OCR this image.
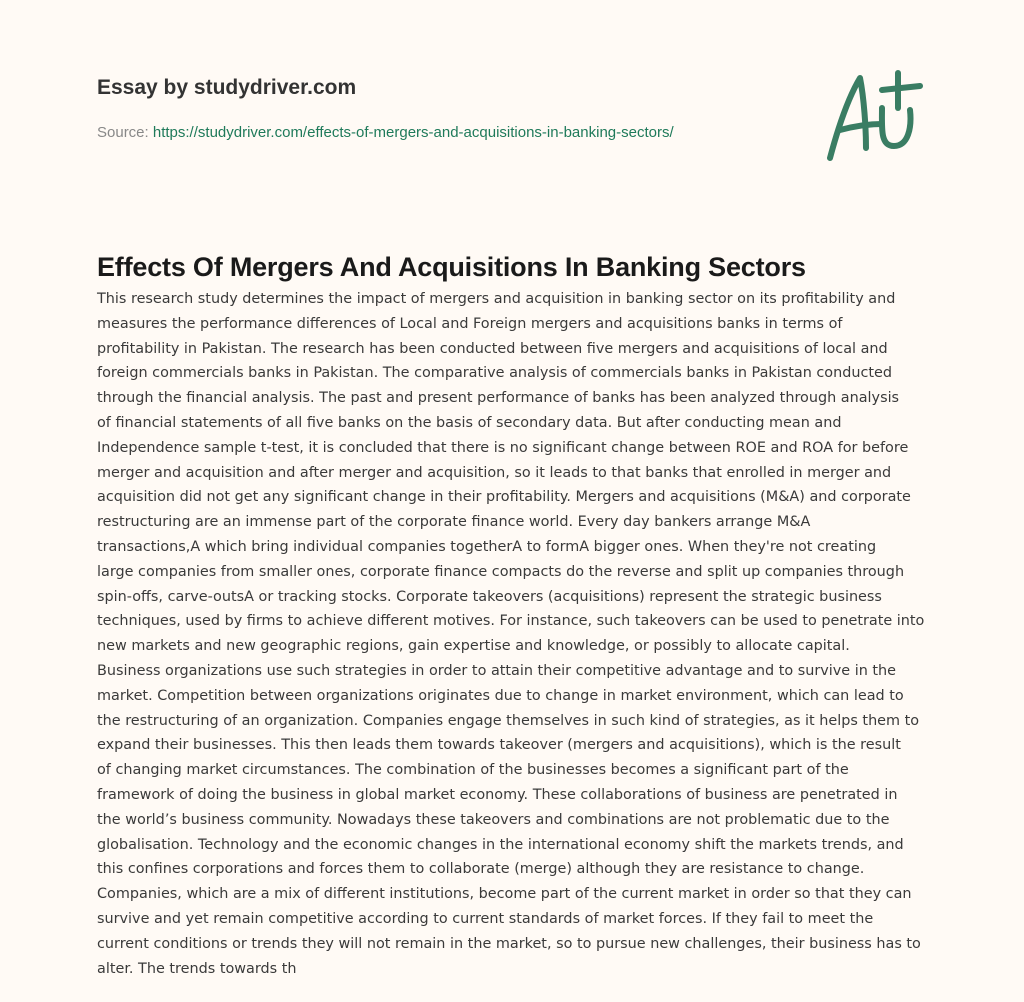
Essay by studydriver.com
Source: https://studydriver.com/effects-of-mergers-and-acquisitions-in-banking-sectors/
Effects Of Mergers And Acquisitions In Banking Sectors
This research study determines the impact of mergers and acquisition in banking sector on its profitability and
measures the performance differences of Local and Foreign mergers and acquisitions banks in terms of
profitability in Pakistan. The research has been conducted between five mergers and acquisitions of local and
foreign commercials banks in Pakistan. The comparative analysis of commercials banks in Pakistan conducted
through the financial analysis. The past and present performance of banks has been analyzed through analysis
of financial statements of all five banks on the basis of secondary data. But after conducting mean and
Independence sample t-test, it is concluded that there is no significant change between ROE and ROA for before
merger and acquisition and after merger and acquisition, so it leads to that banks that enrolled in merger and
acquisition did not get any significant change in their profitability. Mergers and acquisitions (M&A) and corporate
restructuring are an immense part of the corporate finance world. Every day bankers arrange M&A
transactions,A which bring individual companies togetherA to formA bigger ones. When they're not creating
large companies from smaller ones, corporate finance compacts do the reverse and split up companies through
spin-offs, carve-outsA or tracking stocks. Corporate takeovers (acquisitions) represent the strategic business
techniques, used by firms to achieve different motives. For instance, such takeovers can be used to penetrate into
new markets and new geographic regions, gain expertise and knowledge, or possibly to allocate capital.
Business organizations use such strategies in order to attain their competitive advantage and to survive in the
market. Competition between organizations originates due to change in market environment, which can lead to
the restructuring of an organization. Companies engage themselves in such kind of strategies, as it helps them to
expand their businesses. This then leads them towards takeover (mergers and acquisitions), which is the result
of changing market circumstances. The combination of the businesses becomes a significant part of the
framework of doing the business in global market economy. These collaborations of business are penetrated in
the world’s business community. Nowadays these takeovers and combinations are not problematic due to the
globalisation. Technology and the economic changes in the international economy shift the markets trends, and
this confines corporations and forces them to collaborate (merge) although they are resistance to change.
Companies, which are a mix of different institutions, become part of the current market in order so that they can
survive and yet remain competitive according to current standards of market forces. If they fail to meet the
current conditions or trends they will not remain in the market, so to pursue new challenges, their business has to
alter. The trends towards th
